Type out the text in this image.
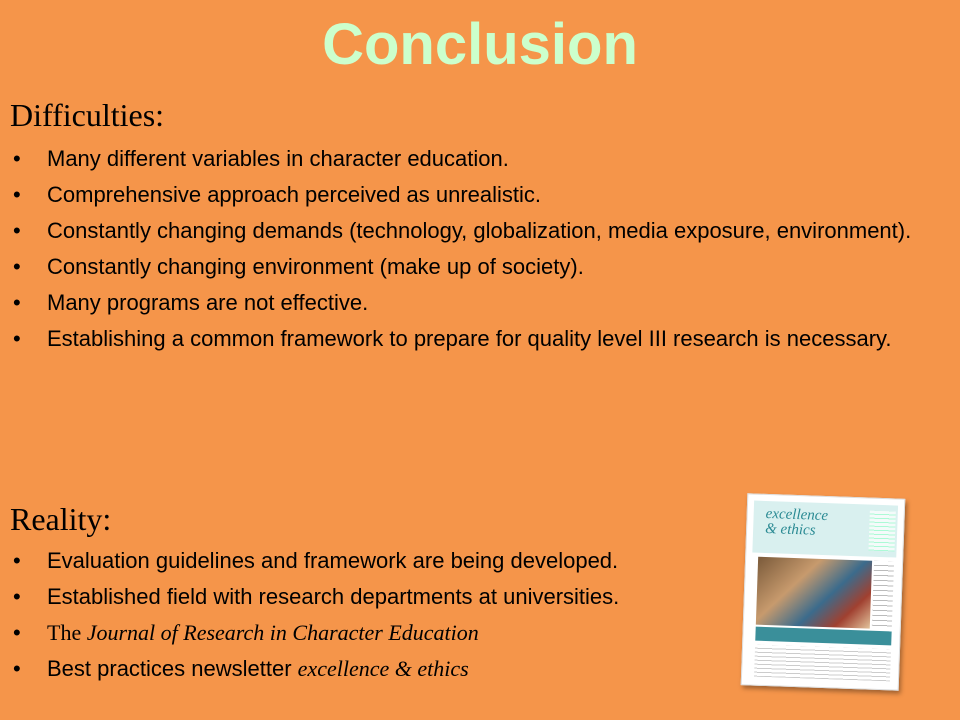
Conclusion
Difficulties:
• Many different variables in character education.
• Comprehensive approach perceived as unrealistic.
• Constantly changing demands (technology, globalization, media exposure, environment).
• Constantly changing environment (make up of society).
• Many programs are not effective.
• Establishing a common framework to prepare for quality level III research is necessary.
Reality:
• Evaluation guidelines and framework are being developed.
• Established field with research departments at universities.
• The Journal of Research in Character Education
• Best practices newsletter excellence & ethics
excellence
& ethics
